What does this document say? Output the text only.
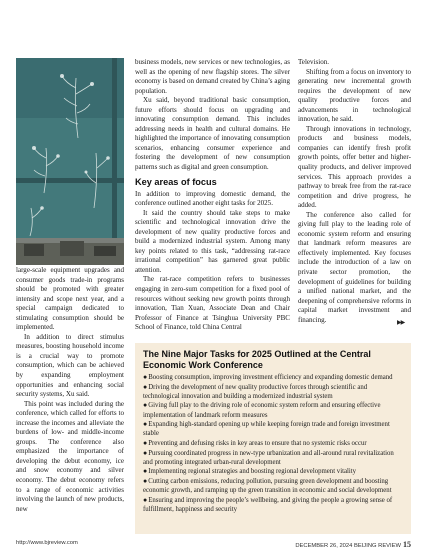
large-scale equipment upgrades and consumer goods trade-in programs should be promoted with greater intensity and scope next year, and a special campaign dedicated to stimulating consumption should be implemented.

In addition to direct stimulus measures, boosting household income is a crucial way to promote consumption, which can be achieved by expanding employment opportunities and enhancing social security systems, Xu said.

This point was included during the conference, which called for efforts to increase the incomes and alleviate the burdens of low- and middle-income groups. The conference also emphasized the importance of developing the debut economy, ice and snow economy and silver economy. The debut economy refers to a range of economic activities involving the launch of new products, new

business models, new services or new technologies, as well as the opening of new flagship stores. The silver economy is based on demand created by China’s aging population.

Xu said, beyond traditional basic consumption, future efforts should focus on upgrading and innovating consumption demand. This includes addressing needs in health and cultural domains. He highlighted the importance of innovating consumption scenarios, enhancing consumer experience and fostering the development of new consumption patterns such as digital and green consumption.

Key areas of focus

In addition to improving domestic demand, the conference outlined another eight tasks for 2025.

It said the country should take steps to make scientific and technological innovation drive the development of new quality productive forces and build a modernized industrial system. Among many key points related to this task, “addressing rat-race irrational competition” has garnered great public attention.

The rat-race competition refers to businesses engaging in zero-sum competition for a fixed pool of resources without seeking new growth points through innovation, Tian Xuan, Associate Dean and Chair Professor of Finance at Tsinghua University PBC School of Finance, told China Central

Television.

Shifting from a focus on inventory to generating new incremental growth requires the development of new quality productive forces and advancements in technological innovation, he said.

Through innovations in technology, products and business models, companies can identify fresh profit growth points, offer better and higher-quality products, and deliver improved services. This approach provides a pathway to break free from the rat-race competition and drive progress, he added.

The conference also called for giving full play to the leading role of economic system reform and ensuring that landmark reform measures are effectively implemented. Key focuses include the introduction of a law on private sector promotion, the development of guidelines for building a unified national market, and the deepening of comprehensive reforms in capital market investment and financing.	▶▶
The Nine Major Tasks for 2025 Outlined at the Central Economic Work Conference
●Boosting consumption, improving investment efficiency and expanding domestic demand
●Driving the development of new quality productive forces through scientific and technological innovation and building a modernized industrial system
●Giving full play to the driving role of economic system reform and ensuring effective implementation of landmark reform measures
●Expanding high-standard opening up while keeping foreign trade and foreign investment stable
●Preventing and defusing risks in key areas to ensure that no systemic risks occur
●Pursuing coordinated progress in new-type urbanization and all-around rural revitalization and promoting integrated urban-rural development
●Implementing regional strategies and boosting regional development vitality
●Cutting carbon emissions, reducing pollution, pursuing green development and boosting economic growth, and ramping up the green transition in economic and social development
●Ensuring and improving the people’s wellbeing, and giving the people a growing sense of fulfillment, happiness and security
http://www.bjreview.com	DECEMBER 26, 2024 BEIJING REVIEW 15
